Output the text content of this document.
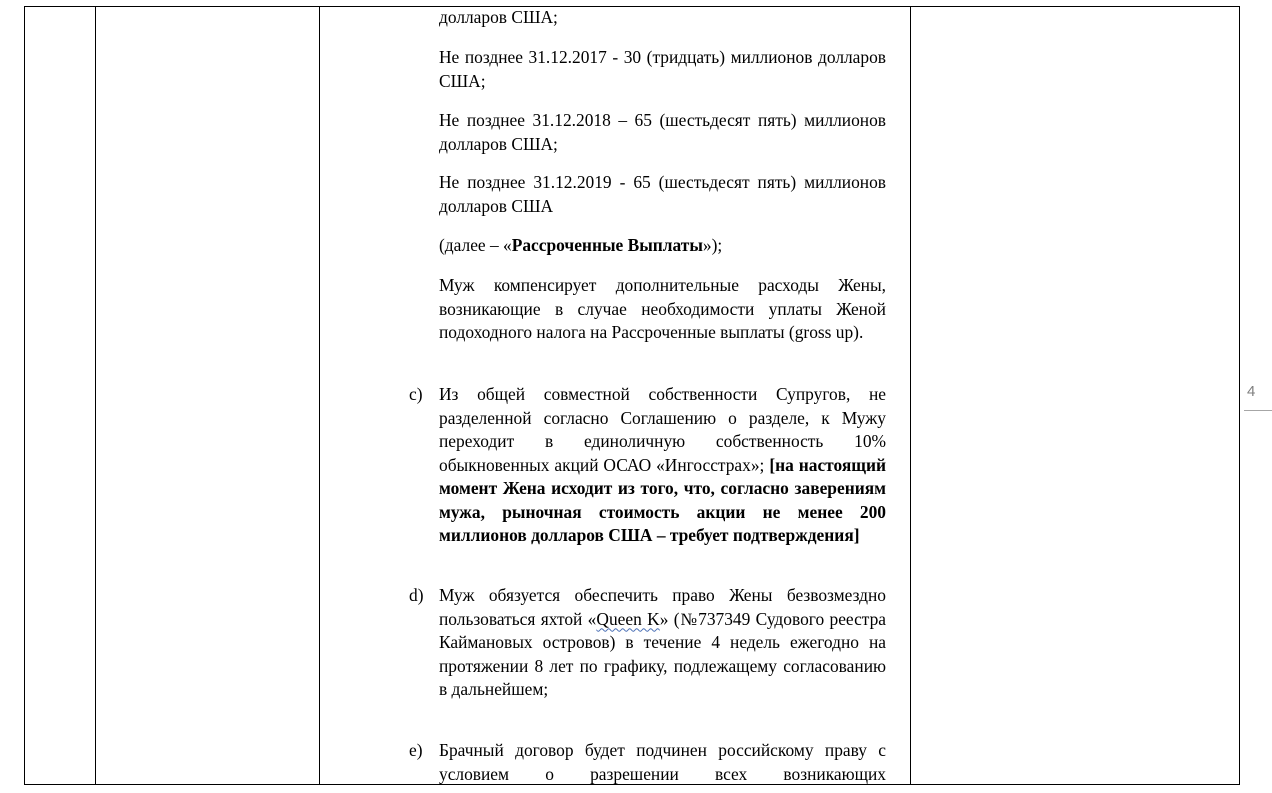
долларов США;

Не позднее 31.12.2017 - 30 (тридцать) миллионов долларов США;

Не позднее 31.12.2018 – 65 (шестьдесят пять) миллионов долларов США;

Не позднее 31.12.2019 - 65 (шестьдесят пять) миллионов долларов США

(далее – «Рассроченные Выплаты»);

Муж компенсирует дополнительные расходы Жены, возникающие в случае необходимости уплаты Женой подоходного налога на Рассроченные выплаты (gross up).

c) Из общей совместной собственности Супругов, не разделенной согласно Соглашению о разделе, к Мужу переходит в единоличную собственность 10% обыкновенных акций ОСАО «Ингосстрах»; [на настоящий момент Жена исходит из того, что, согласно заверениям мужа, рыночная стоимость акции не менее 200 миллионов долларов США – требует подтверждения]

d) Муж обязуется обеспечить право Жены безвозмездно пользоваться яхтой «Queen K» (№737349 Судового реестра Каймановых островов) в течение 4 недель ежегодно на протяжении 8 лет по графику, подлежащему согласованию в дальнейшем;

e) Брачный договор будет подчинен российскому праву с условием о разрешении всех возникающих

4
